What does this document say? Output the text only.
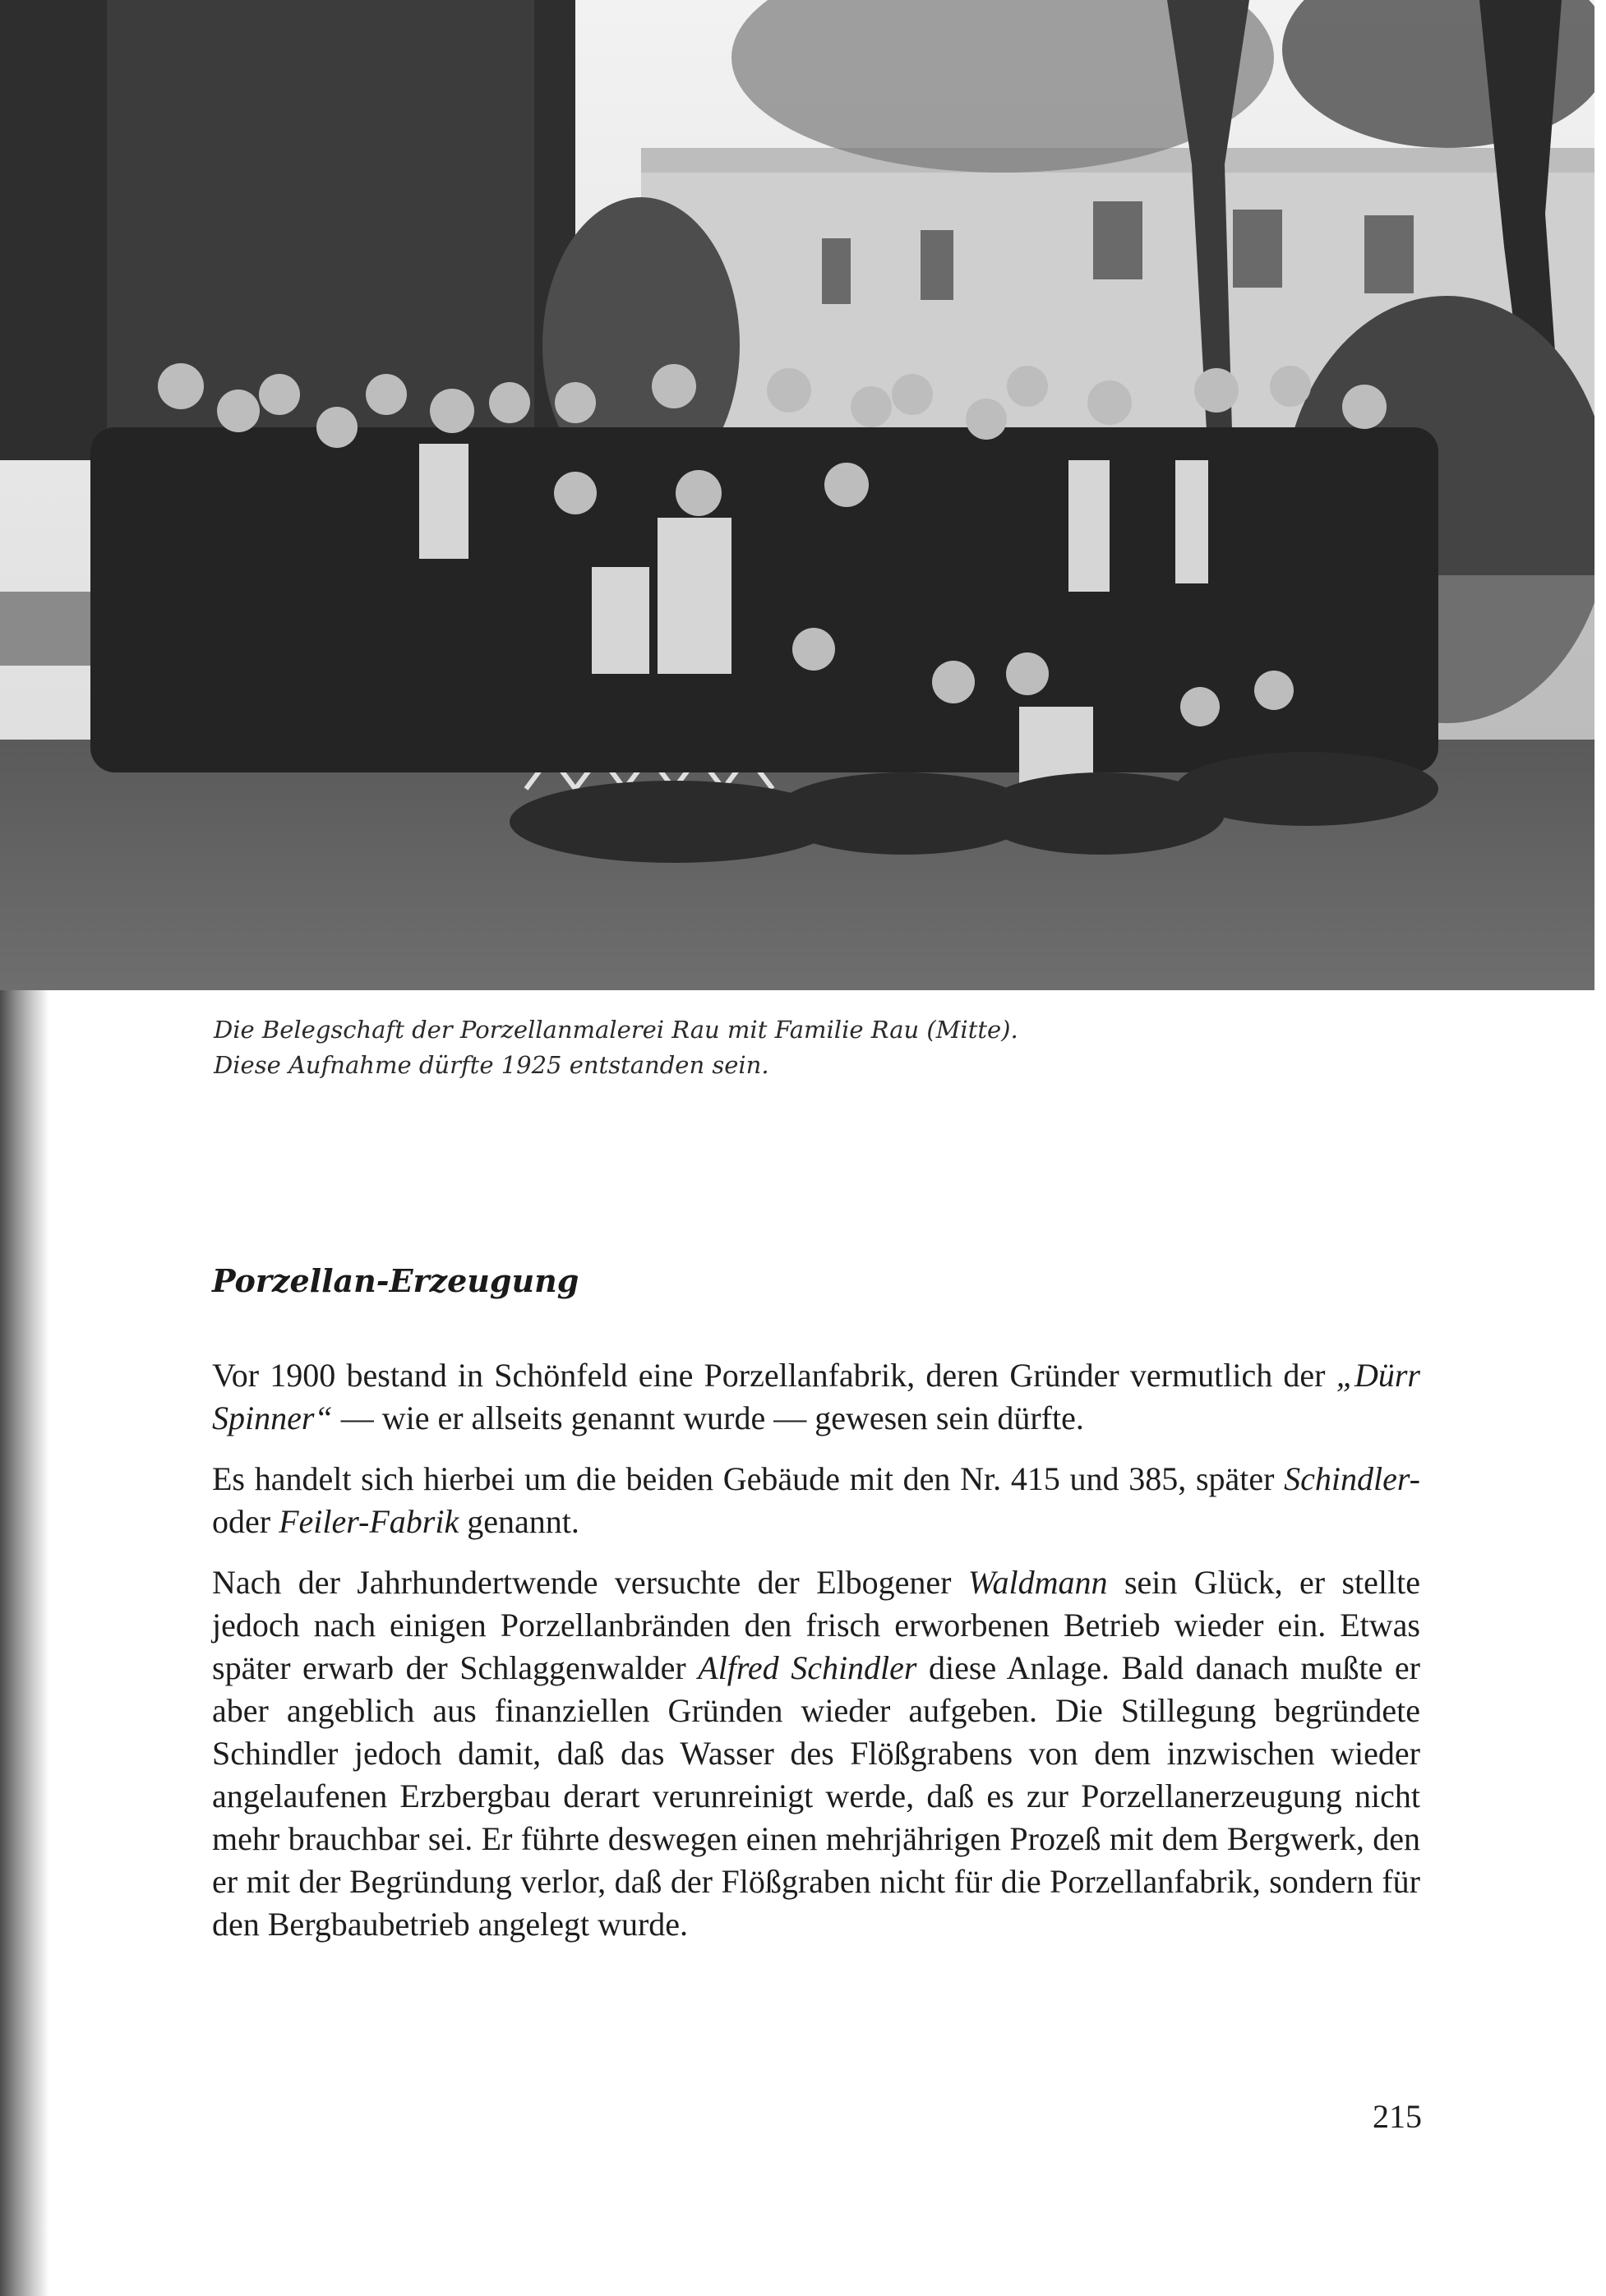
Die Belegschaft der Porzellanmalerei Rau mit Familie Rau (Mitte).
Diese Aufnahme dürfte 1925 entstanden sein.
Porzellan-Erzeugung

Vor 1900 bestand in Schönfeld eine Porzellanfabrik, deren Gründer vermutlich der „Dürr Spinner“ — wie er allseits genannt wurde — gewesen sein dürfte.

Es handelt sich hierbei um die beiden Gebäude mit den Nr. 415 und 385, später Schindler- oder Feiler-Fabrik genannt.

Nach der Jahrhundertwende versuchte der Elbogener Waldmann sein Glück, er stellte jedoch nach einigen Porzellanbränden den frisch erworbenen Betrieb wieder ein. Etwas später erwarb der Schlaggenwalder Alfred Schindler diese Anlage. Bald danach mußte er aber angeblich aus finanziellen Gründen wieder aufgeben. Die Stillegung begründete Schindler jedoch damit, daß das Wasser des Flößgrabens von dem inzwischen wieder angelaufenen Erzbergbau derart verunreinigt werde, daß es zur Porzellanerzeugung nicht mehr brauchbar sei. Er führte deswegen einen mehrjährigen Prozeß mit dem Bergwerk, den er mit der Begründung verlor, daß der Flößgraben nicht für die Porzellanfabrik, sondern für den Bergbaubetrieb angelegt wurde.

215
